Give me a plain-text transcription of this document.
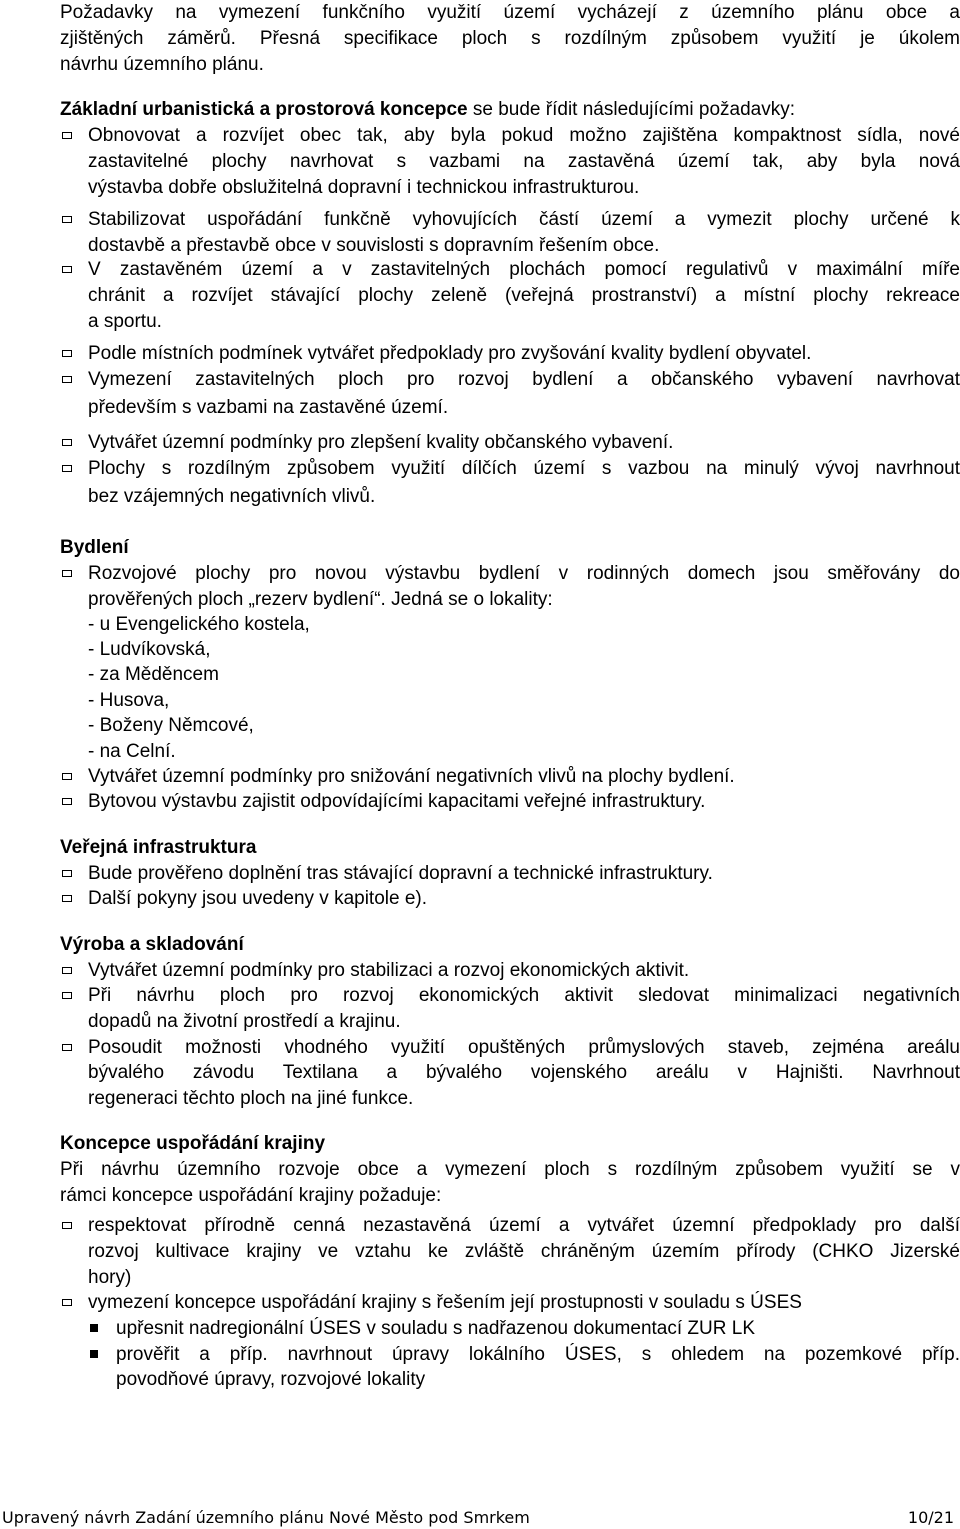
Požadavky na vymezení funkčního využití území vycházejí z územního plánu obce a
zjištěných záměrů. Přesná specifikace ploch s rozdílným způsobem využití je úkolem
návrhu územního plánu.
Základní urbanistická a prostorová koncepce se bude řídit následujícími požadavky:
Obnovovat a rozvíjet obec tak, aby byla pokud možno zajištěna kompaktnost sídla, nové
zastavitelné plochy navrhovat s vazbami na zastavěná území tak, aby byla nová
výstavba dobře obslužitelná dopravní i technickou infrastrukturou.
Stabilizovat uspořádání funkčně vyhovujících částí území a vymezit plochy určené k
dostavbě a přestavbě obce v souvislosti s dopravním řešením obce.
V zastavěném území a v zastavitelných plochách pomocí regulativů v maximální míře
chránit a rozvíjet stávající plochy zeleně (veřejná prostranství) a místní plochy rekreace
a sportu.
Podle místních podmínek vytvářet předpoklady pro zvyšování kvality bydlení obyvatel.
Vymezení zastavitelných ploch pro rozvoj bydlení a občanského vybavení navrhovat
především s vazbami na zastavěné území.
Vytvářet územní podmínky pro zlepšení kvality občanského vybavení.
Plochy s rozdílným způsobem využití dílčích území s vazbou na minulý vývoj navrhnout
bez vzájemných negativních vlivů.
Bydlení
Rozvojové plochy pro novou výstavbu bydlení v rodinných domech jsou směřovány do
prověřených ploch „rezerv bydlení“. Jedná se o lokality:
- u Evengelického kostela,
- Ludvíkovská,
- za Měděncem
- Husova,
- Boženy Němcové,
- na Celní.
Vytvářet územní podmínky pro snižování negativních vlivů na plochy bydlení.
Bytovou výstavbu zajistit odpovídajícími kapacitami veřejné infrastruktury.
Veřejná infrastruktura
Bude prověřeno doplnění tras stávající dopravní a technické infrastruktury.
Další pokyny jsou uvedeny v kapitole e).
Výroba a skladování
Vytvářet územní podmínky pro stabilizaci a rozvoj ekonomických aktivit.
Při návrhu ploch pro rozvoj ekonomických aktivit sledovat minimalizaci negativních
dopadů na životní prostředí a krajinu.
Posoudit možnosti vhodného využití opuštěných průmyslových staveb, zejména areálu
bývalého závodu Textilana a bývalého vojenského areálu v Hajništi. Navrhnout
regeneraci těchto ploch na jiné funkce.
Koncepce uspořádání krajiny
Při návrhu územního rozvoje obce a vymezení ploch s rozdílným způsobem využití se v
rámci koncepce uspořádání krajiny požaduje:
respektovat přírodně cenná nezastavěná území a vytvářet územní předpoklady pro další
rozvoj kultivace krajiny ve vztahu ke zvláště chráněným územím přírody (CHKO Jizerské
hory)
vymezení koncepce uspořádání krajiny s řešením její prostupnosti v souladu s ÚSES
upřesnit nadregionální ÚSES v souladu s nadřazenou dokumentací ZUR LK
prověřit a příp. navrhnout úpravy lokálního ÚSES, s ohledem na pozemkové příp.
povodňové úpravy, rozvojové lokality
Upravený návrh Zadání územního plánu Nové Město pod Smrkem	10/21
